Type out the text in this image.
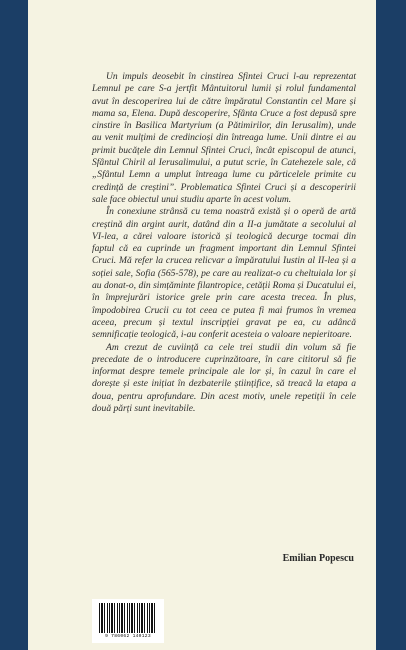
Un impuls deosebit în cinstirea Sfintei Cruci l-au reprezentat Lemnul pe care S-a jertfit Mântuitorul lumii și rolul fundamental avut în descoperirea lui de către împăratul Constantin cel Mare și mama sa, Elena. După descoperire, Sfânta Cruce a fost depusă spre cinstire în Basilica Martyrium (a Pătimirilor, din Ierusalim), unde au venit mulțimi de credincioși din întreaga lume. Unii dintre ei au primit bucățele din Lemnul Sfintei Cruci, încât episcopul de atunci, Sfântul Chiril al Ierusalimului, a putut scrie, în Catehezele sale, că „Sfântul Lemn a umplut întreaga lume cu părticelele primite cu credință de creștini”. Problematica Sfintei Cruci și a descoperirii sale face obiectul unui studiu aparte în acest volum.

În conexiune strânsă cu tema noastră există și o operă de artă creștină din argint aurit, datând din a II-a jumătate a secolului al VI-lea, a cărei valoare istorică și teologică decurge tocmai din faptul că ea cuprinde un fragment important din Lemnul Sfintei Cruci. Mă refer la crucea relicvar a împăratului Iustin al II-lea și a soției sale, Sofia (565-578), pe care au realizat-o cu cheltuiala lor și au donat-o, din simțăminte filantropice, cetății Roma și Ducatului ei, în împrejurări istorice grele prin care acesta trecea. În plus, împodobirea Crucii cu tot ceea ce putea fi mai frumos în vremea aceea, precum și textul inscripției gravat pe ea, cu adâncă semnificație teologică, i-au conferit acesteia o valoare nepieritoare.

Am crezut de cuviință ca cele trei studii din volum să fie precedate de o introducere cuprinzătoare, în care cititorul să fie informat despre temele principale ale lor și, în cazul în care el dorește și este inițiat în dezbaterile științifice, să treacă la etapa a doua, pentru aprofundare. Din acest motiv, unele repetiții în cele două părți sunt inevitabile.

Emilian Popescu

9 786062 140123
